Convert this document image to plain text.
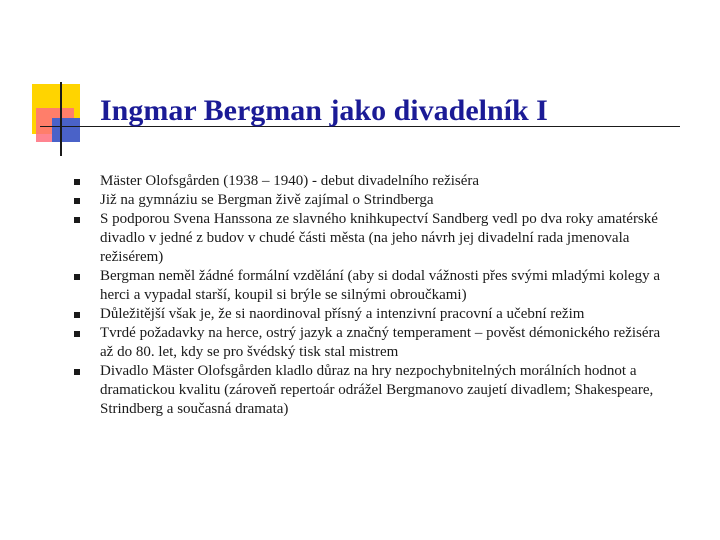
Ingmar Bergman jako divadelník I
Mäster Olofsgården (1938 – 1940) - debut divadelního režiséra
Již na gymnáziu se Bergman živě zajímal o Strindberga
S podporou Svena Hanssona ze slavného knihkupectví Sandberg vedl po dva roky amatérské divadlo v jedné z budov v chudé části města (na jeho návrh jej divadelní rada jmenovala režisérem)
Bergman neměl žádné formální vzdělání (aby si dodal vážnosti přes svými mladými kolegy a herci a vypadal starší, koupil si brýle se silnými obroučkami)
Důležitější však je, že si naordinoval přísný a intenzivní pracovní a učební režim
Tvrdé požadavky na herce, ostrý jazyk a značný temperament – pověst démonického režiséra až do 80. let, kdy se pro švédský tisk stal mistrem
Divadlo Mäster Olofsgården kladlo důraz na hry nezpochybnitelných morálních hodnot a dramatickou kvalitu (zároveň repertoár odrážel Bergmanovo zaujetí divadlem; Shakespeare, Strindberg a současná dramata)
